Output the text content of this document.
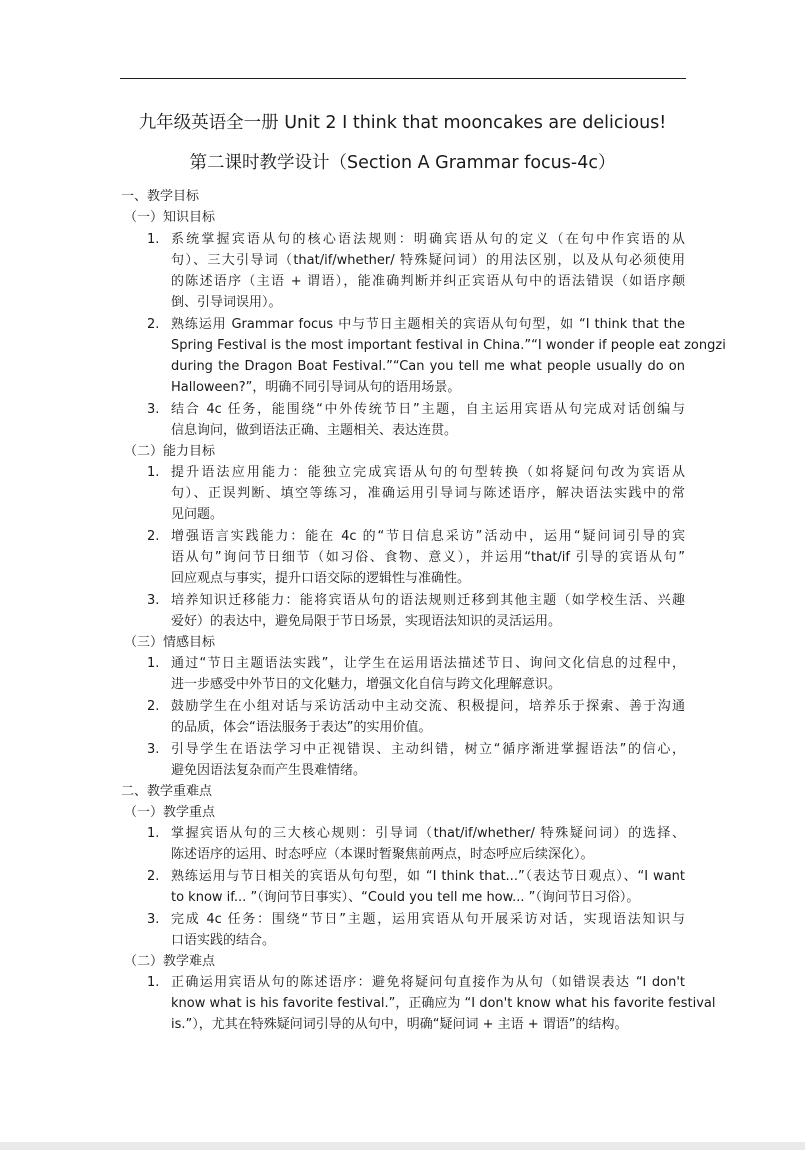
九年级英语全一册 Unit 2 I think that mooncakes are delicious!
第二课时教学设计（Section A Grammar focus-4c）
一、教学目标
（一）知识目标
1. 系统掌握宾语从句的核心语法规则：明确宾语从句的定义（在句中作宾语的从
句）、三大引导词（that/if/whether/ 特殊疑问词）的用法区别，以及从句必须使用
的陈述语序（主语 + 谓语），能准确判断并纠正宾语从句中的语法错误（如语序颠
倒、引导词误用）。
2. 熟练运用 Grammar focus 中与节日主题相关的宾语从句句型，如 “I think that the
Spring Festival is the most important festival in China.”“I wonder if people eat zongzi
during the Dragon Boat Festival.”“Can you tell me what people usually do on
Halloween?”，明确不同引导词从句的语用场景。
3. 结合 4c 任务，能围绕“中外传统节日”主题，自主运用宾语从句完成对话创编与
信息询问，做到语法正确、主题相关、表达连贯。
（二）能力目标
1. 提升语法应用能力：能独立完成宾语从句的句型转换（如将疑问句改为宾语从
句）、正误判断、填空等练习，准确运用引导词与陈述语序，解决语法实践中的常
见问题。
2. 增强语言实践能力：能在 4c 的“节日信息采访”活动中，运用“疑问词引导的宾
语从句”询问节日细节（如习俗、食物、意义），并运用“that/if 引导的宾语从句”
回应观点与事实，提升口语交际的逻辑性与准确性。
3. 培养知识迁移能力：能将宾语从句的语法规则迁移到其他主题（如学校生活、兴趣
爱好）的表达中，避免局限于节日场景，实现语法知识的灵活运用。
（三）情感目标
1. 通过“节日主题语法实践”，让学生在运用语法描述节日、询问文化信息的过程中，
进一步感受中外节日的文化魅力，增强文化自信与跨文化理解意识。
2. 鼓励学生在小组对话与采访活动中主动交流、积极提问，培养乐于探索、善于沟通
的品质，体会“语法服务于表达”的实用价值。
3. 引导学生在语法学习中正视错误、主动纠错，树立“循序渐进掌握语法”的信心，
避免因语法复杂而产生畏难情绪。
二、教学重难点
（一）教学重点
1. 掌握宾语从句的三大核心规则：引导词（that/if/whether/ 特殊疑问词）的选择、
陈述语序的运用、时态呼应（本课时暂聚焦前两点，时态呼应后续深化）。
2. 熟练运用与节日相关的宾语从句句型，如 “I think that...”（表达节日观点）、“I want
to know if... ”（询问节日事实）、“Could you tell me how... ”（询问节日习俗）。
3. 完成 4c 任务：围绕“节日”主题，运用宾语从句开展采访对话，实现语法知识与
口语实践的结合。
（二）教学难点
1. 正确运用宾语从句的陈述语序：避免将疑问句直接作为从句（如错误表达 “I don't
know what is his favorite festival.”，正确应为 “I don't know what his favorite festival
is.”），尤其在特殊疑问词引导的从句中，明确“疑问词 + 主语 + 谓语”的结构。
